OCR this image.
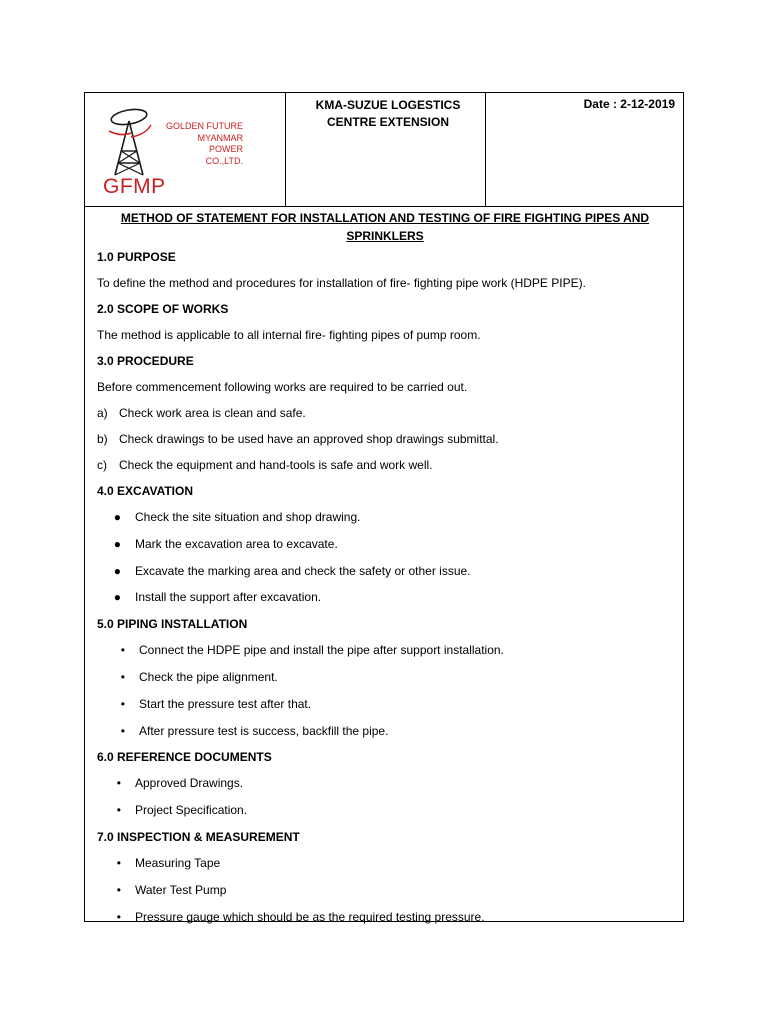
GOLDEN FUTURE
MYANMAR
POWER
CO.,LTD.
GFMP
KMA-SUZUE LOGESTICS CENTRE EXTENSION
Date : 2-12-2019
METHOD OF STATEMENT FOR INSTALLATION AND TESTING OF FIRE FIGHTING PIPES AND SPRINKLERS
1.0 PURPOSE
To define the method and procedures for installation of fire- fighting pipe work (HDPE PIPE).
2.0 SCOPE OF WORKS
The method is applicable to all internal fire- fighting pipes of pump room.
3.0 PROCEDURE
Before commencement following works are required to be carried out.
a) Check work area is clean and safe.
b) Check drawings to be used have an approved shop drawings submittal.
c)	Check the equipment and hand-tools is safe and work well.
4.0 EXCAVATION
●	Check the site situation and shop drawing.
●	Mark the excavation area to excavate.
●	Excavate the marking area and check the safety or other issue.
●	Install the support after excavation.
5.0 PIPING INSTALLATION
•	Connect the HDPE pipe and install the pipe after support installation.
•	Check the pipe alignment.
•	Start the pressure test after that.
•	After pressure test is success, backfill the pipe.
6.0 REFERENCE DOCUMENTS
•	Approved Drawings.
•	Project Specification.
7.0 INSPECTION & MEASUREMENT
•	Measuring Tape
•	Water Test Pump
•	Pressure gauge which should be as the required testing pressure.
